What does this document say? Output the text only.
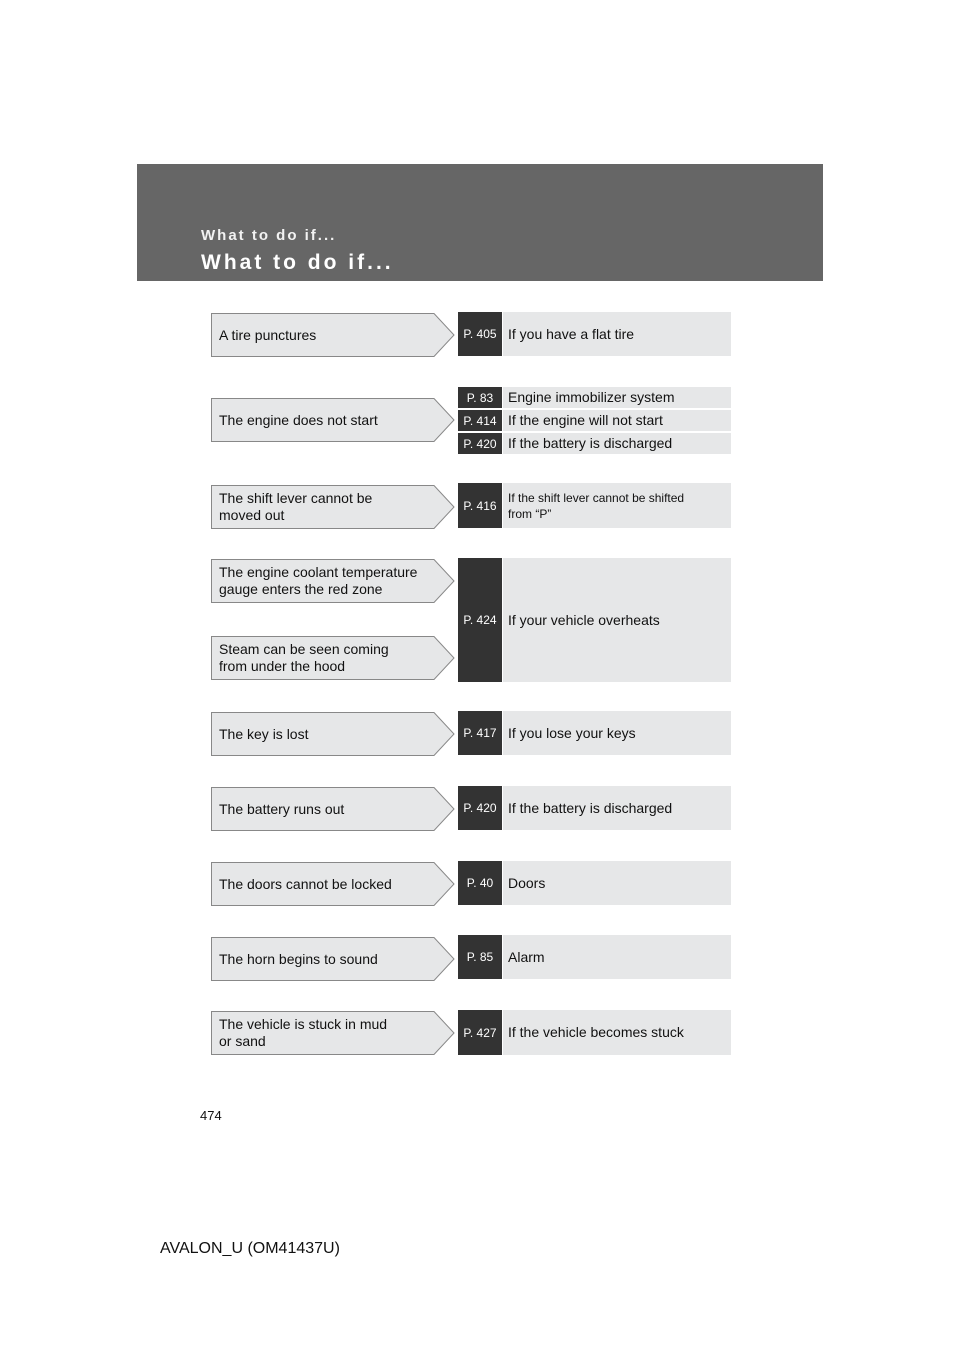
What to do if...
What to do if...
A tire punctures
The engine does not start
The shift lever cannot be
moved out
The engine coolant temperature
gauge enters the red zone
Steam can be seen coming
from under the hood
The key is lost
The battery runs out
The doors cannot be locked
The horn begins to sound
The vehicle is stuck in mud
or sand
P. 405
P. 83
P. 414
P. 420
P. 416
P. 424
P. 417
P. 420
P. 40
P. 85
P. 427
If you have a flat tire
Engine immobilizer system
If the engine will not start
If the battery is discharged
If the shift lever cannot be shifted
from “P”
If your vehicle overheats
If you lose your keys
If the battery is discharged
Doors
Alarm
If the vehicle becomes stuck
474
AVALON_U (OM41437U)
